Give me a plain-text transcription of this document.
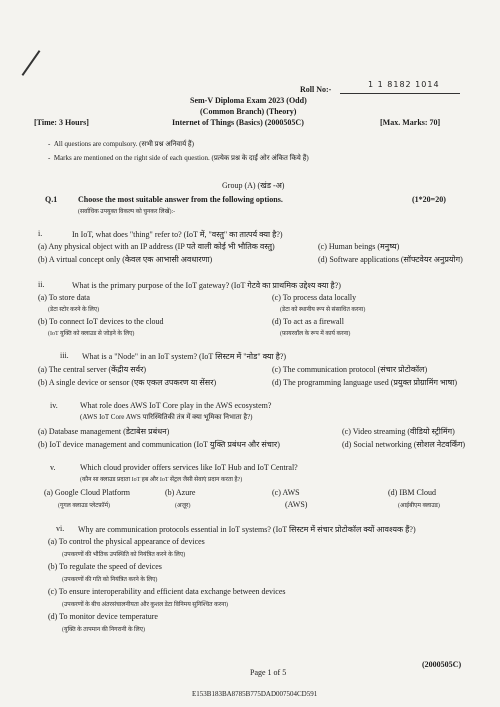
Roll No:-
1 1 8182 1014
Sem-V Diploma Exam 2023 (Odd)
(Common Branch) (Theory)
[Time: 3 Hours]	Internet of Things (Basics) (2000505C)	[Max. Marks: 70]
-  All questions are compulsory. (सभी प्रश्न अनिवार्य हैं)
-  Marks are mentioned on the right side of each question. (प्रत्येक प्रश्न के दाईं ओर अंकित किये हैं)
Group (A) (खंड -अ)
Q.1	Choose the most suitable answer from the following options.	(1*20=20)
(सर्वाधिक उपयुक्त विकल्प को चुनकर लिखें):-
i.	In IoT, what does "thing" refer to? (IoT में, "वस्तु" का तात्पर्य क्या है?)
(a) Any physical object with an IP address (IP पते वाली कोई भी भौतिक वस्तु)	(c) Human beings (मनुष्य)
(b) A virtual concept only (केवल एक आभासी अवधारणा)	(d) Software applications (सॉफ्टवेयर अनुप्रयोग)
ii.	What is the primary purpose of the IoT gateway? (IoT गेटवे का प्राथमिक उद्देश्य क्या है?)
(a) To store data
(डेटा स्टोर करने के लिए)
(c) To process data locally
(डेटा को स्थानीय रूप से संसाधित करना)
(b) To connect IoT devices to the cloud
(IoT युक्ति को क्लाउड से जोड़ने के लिए)
(d) To act as a firewall
(फ़ायरवॉल के रूप में कार्य करना)
iii. What is a "Node" in an IoT system? (IoT सिस्टम में "नोड" क्या है?)
(a) The central server (केंद्रीय सर्वर)	(c) The communication protocol (संचार प्रोटोकॉल)
(b) A single device or sensor (एक एकल उपकरण या सेंसर)	(d) The programming language used (प्रयुक्त प्रोग्रामिंग भाषा)
iv.	What role does AWS IoT Core play in the AWS ecosystem?
(AWS IoT Core AWS पारिस्थितिकी तंत्र में क्या भूमिका निभाता है?)
(a) Database management (डेटाबेस प्रबंधन)	(c) Video streaming (वीडियो स्ट्रीमिंग)
(b) IoT device management and communication (IoT युक्ति प्रबंधन और संचार)	(d) Social networking (सोशल नेटवर्किंग)
v.	Which cloud provider offers services like IoT Hub and IoT Central?
(कौन सा क्लाउड प्रदाता IoT हब और IoT सेंट्रल जैसी सेवाएं प्रदान करता है?)
(a) Google Cloud Platform
(गूगल क्लाउड प्लेटफ़ॉर्म)
(b) Azure
(अज़ूर)
(c) AWS
(AWS)
(d) IBM Cloud
(आईबीएम क्लाउड)
vi. Why are communication protocols essential in IoT systems? (IoT सिस्टम में संचार प्रोटोकॉल क्यों आवश्यक हैं?)
(a) To control the physical appearance of devices
(उपकरणों की भौतिक उपस्थिति को नियंत्रित करने के लिए)
(b) To regulate the speed of devices
(उपकरणों की गति को नियंत्रित करने के लिए)
(c) To ensure interoperability and efficient data exchange between devices
(उपकरणों के बीच अंतरसंचालनीयता और कुशल डेटा विनिमय सुनिश्चित करना)
(d) To monitor device temperature
(युक्ति के तापमान की निगरानी के लिए)
Page 1 of 5
(2000505C)
E153B183BA8785B775DAD007504CD591
